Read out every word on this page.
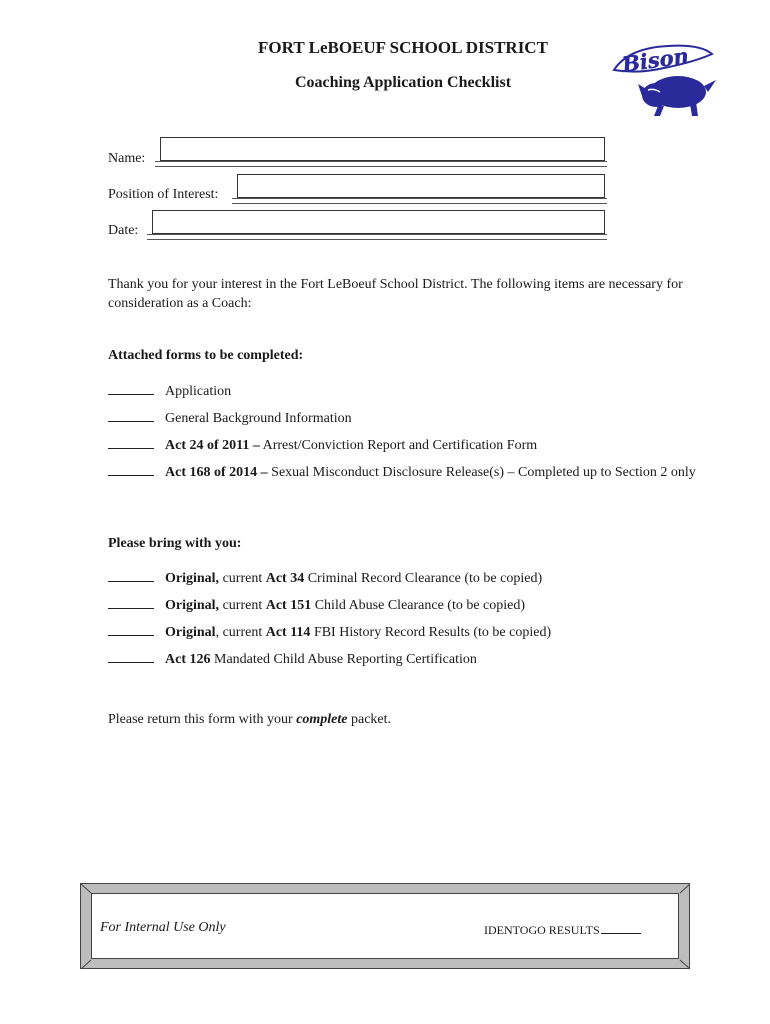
FORT LeBOEUF SCHOOL DISTRICT
Coaching Application Checklist
Bison
Name:
Position of Interest:
Date:
Thank you for your interest in the Fort LeBoeuf School District. The following items are necessary for consideration as a Coach:
Attached forms to be completed:
Application
General Background Information
Act 24 of 2011 – Arrest/Conviction Report and Certification Form
Act 168 of 2014 – Sexual Misconduct Disclosure Release(s) – Completed up to Section 2 only
Please bring with you:
Original, current Act 34 Criminal Record Clearance (to be copied)
Original, current Act 151 Child Abuse Clearance (to be copied)
Original, current Act 114 FBI History Record Results (to be copied)
Act 126 Mandated Child Abuse Reporting Certification
Please return this form with your complete packet.
For Internal Use Only	IDENTOGO RESULTS
